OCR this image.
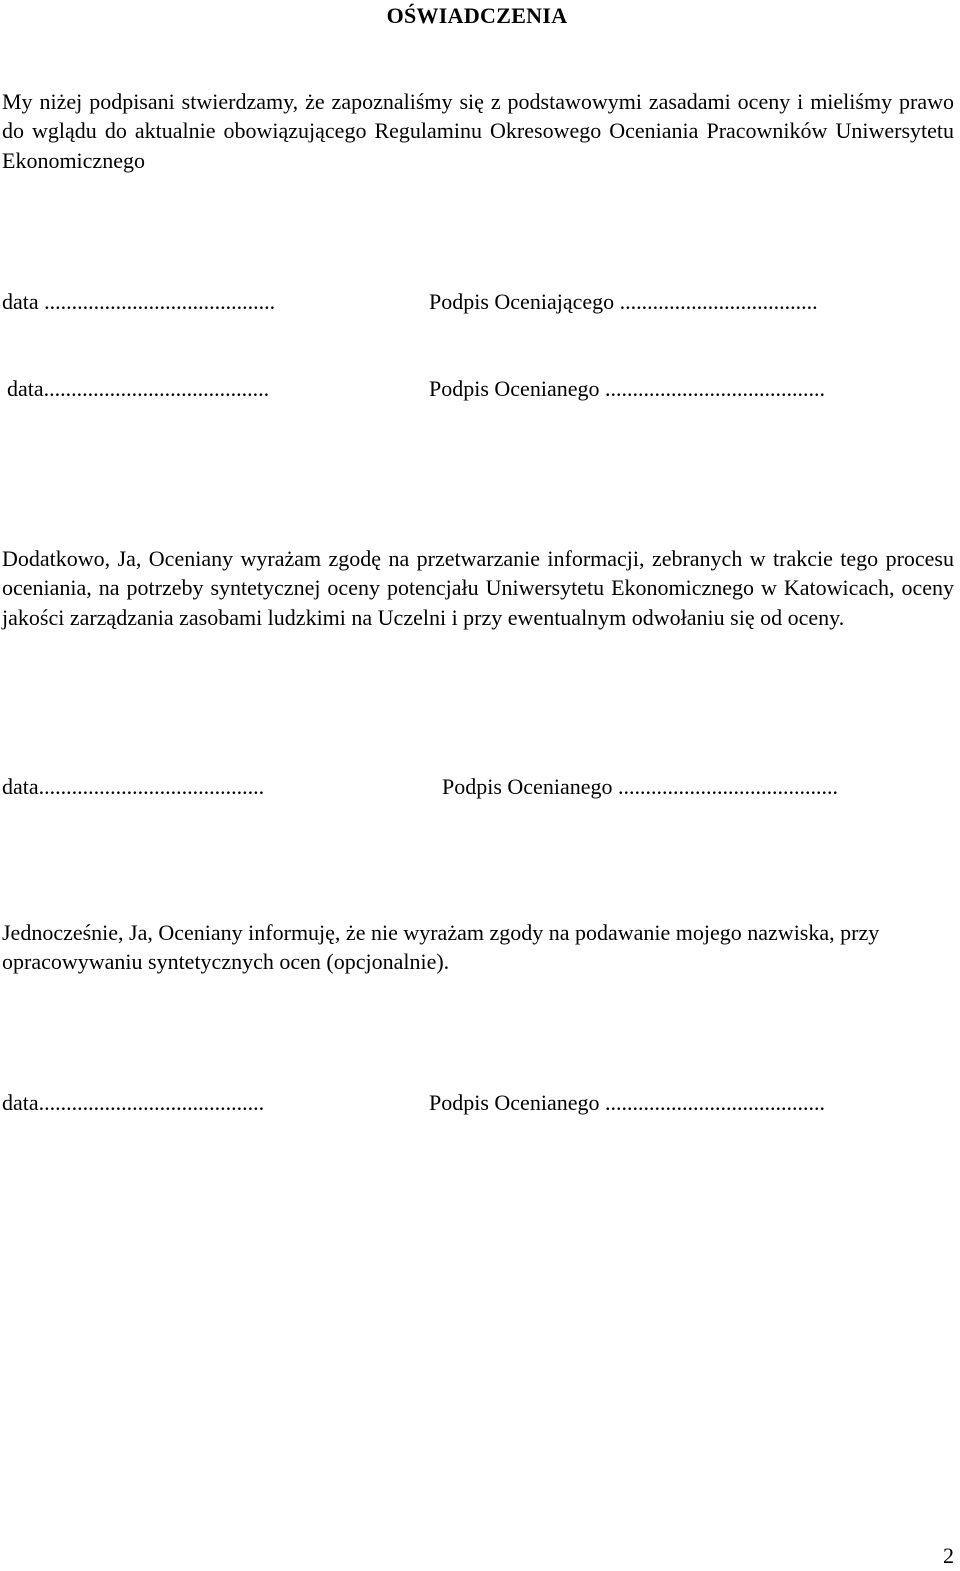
OŚWIADCZENIA

My niżej podpisani stwierdzamy, że zapoznaliśmy się z podstawowymi zasadami oceny i mieliśmy prawo do wglądu do aktualnie obowiązującego Regulaminu Okresowego Oceniania Pracowników Uniwersytetu Ekonomicznego

data ..........................................	Podpis Oceniającego ....................................
data.........................................	Podpis Ocenianego ........................................

Dodatkowo, Ja, Oceniany wyrażam zgodę na przetwarzanie informacji, zebranych w trakcie tego procesu oceniania, na potrzeby syntetycznej oceny potencjału Uniwersytetu Ekonomicznego w Katowicach, oceny jakości zarządzania zasobami ludzkimi na Uczelni i przy ewentualnym odwołaniu się od oceny.

data.........................................	Podpis Ocenianego ........................................

Jednocześnie, Ja, Oceniany informuję, że nie wyrażam zgody na podawanie mojego nazwiska, przy opracowywaniu syntetycznych ocen (opcjonalnie).

data.........................................	Podpis Ocenianego ........................................
2
